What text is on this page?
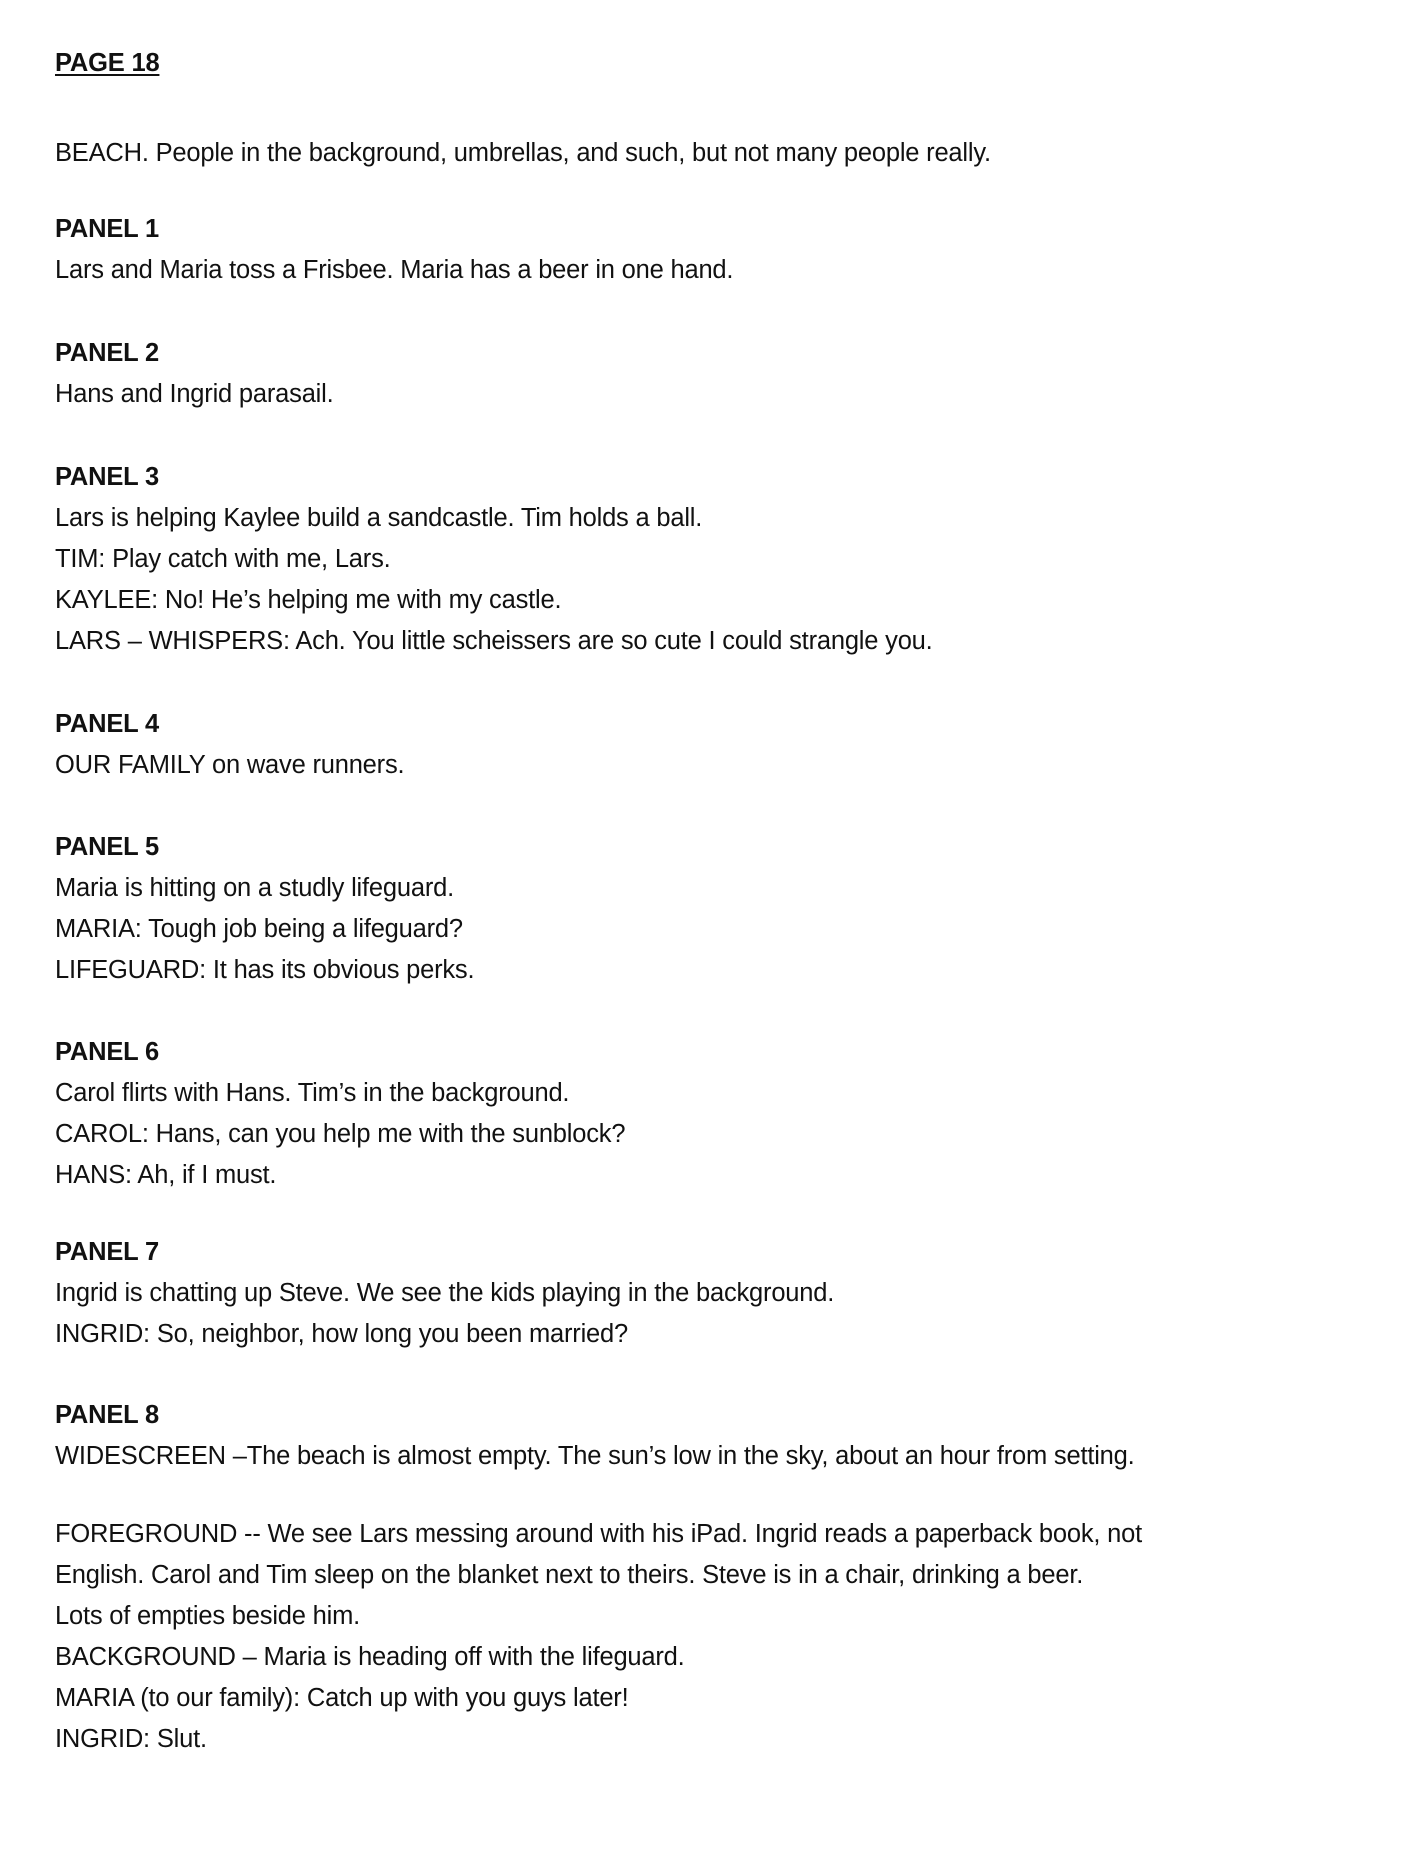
PAGE 18
BEACH. People in the background, umbrellas, and such, but not many people really.
PANEL 1
Lars and Maria toss a Frisbee. Maria has a beer in one hand.
PANEL 2
Hans and Ingrid parasail.
PANEL 3
Lars is helping Kaylee build a sandcastle. Tim holds a ball.
TIM: Play catch with me, Lars.
KAYLEE: No! He’s helping me with my castle.
LARS – WHISPERS: Ach. You little scheissers are so cute I could strangle you.
PANEL 4
OUR FAMILY on wave runners.
PANEL 5
Maria is hitting on a studly lifeguard.
MARIA: Tough job being a lifeguard?
LIFEGUARD: It has its obvious perks.
PANEL 6
Carol flirts with Hans. Tim’s in the background.
CAROL: Hans, can you help me with the sunblock?
HANS: Ah, if I must.
PANEL 7
Ingrid is chatting up Steve. We see the kids playing in the background.
INGRID: So, neighbor, how long you been married?
PANEL 8
WIDESCREEN –The beach is almost empty. The sun’s low in the sky, about an hour from setting.
FOREGROUND -- We see Lars messing around with his iPad. Ingrid reads a paperback book, not
English. Carol and Tim sleep on the blanket next to theirs. Steve is in a chair, drinking a beer.
Lots of empties beside him.
BACKGROUND – Maria is heading off with the lifeguard.
MARIA (to our family): Catch up with you guys later!
INGRID: Slut.
